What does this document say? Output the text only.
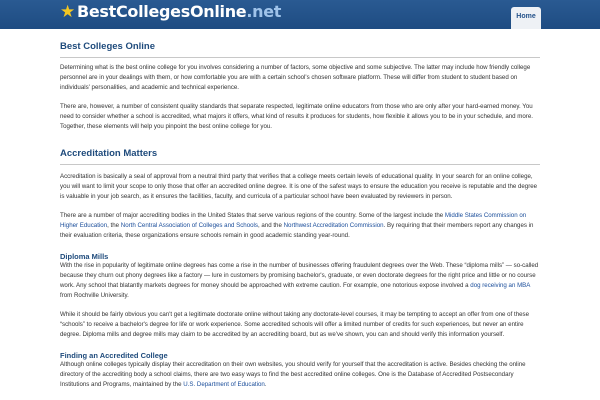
★ BestCollegesOnline .net	Home
Best Colleges Online

Determining what is the best online college for you involves considering a number of factors, some objective and some subjective. The latter may include how friendly college personnel are in your dealings with them, or how comfortable you are with a certain school's chosen software platform. These will differ from student to student based on individuals' personalities, and academic and technical experience.

There are, however, a number of consistent quality standards that separate respected, legitimate online educators from those who are only after your hard-earned money. You need to consider whether a school is accredited, what majors it offers, what kind of results it produces for students, how flexible it allows you to be in your schedule, and more. Together, these elements will help you pinpoint the best online college for you.

Accreditation Matters

Accreditation is basically a seal of approval from a neutral third party that verifies that a college meets certain levels of educational quality. In your search for an online college, you will want to limit your scope to only those that offer an accredited online degree. It is one of the safest ways to ensure the education you receive is reputable and the degree is valuable in your job search, as it ensures the facilities, faculty, and curricula of a particular school have been evaluated by reviewers in person.

There are a number of major accrediting bodies in the United States that serve various regions of the country. Some of the largest include the Middle States Commission on Higher Education, the North Central Association of Colleges and Schools, and the Northwest Accreditation Commission. By requiring that their members report any changes in their evaluation criteria, these organizations ensure schools remain in good academic standing year-round.

Diploma Mills

With the rise in popularity of legitimate online degrees has come a rise in the number of businesses offering fraudulent degrees over the Web. These “diploma mills” — so-called because they churn out phony degrees like a factory — lure in customers by promising bachelor's, graduate, or even doctorate degrees for the right price and little or no course work. Any school that blatantly markets degrees for money should be approached with extreme caution. For example, one notorious expose involved a dog receiving an MBA from Rochville University.

While it should be fairly obvious you can't get a legitimate doctorate online without taking any doctorate-level courses, it may be tempting to accept an offer from one of these “schools” to receive a bachelor's degree for life or work experience. Some accredited schools will offer a limited number of credits for such experiences, but never an entire degree. Diploma mills and degree mills may claim to be accredited by an accrediting board, but as we've shown, you can and should verify this information yourself.

Finding an Accredited College

Although online colleges typically display their accreditation on their own websites, you should verify for yourself that the accreditation is active. Besides checking the online directory of the accrediting body a school claims, there are two easy ways to find the best accredited online colleges. One is the Database of Accredited Postsecondary Institutions and Programs, maintained by the U.S. Department of Education.
